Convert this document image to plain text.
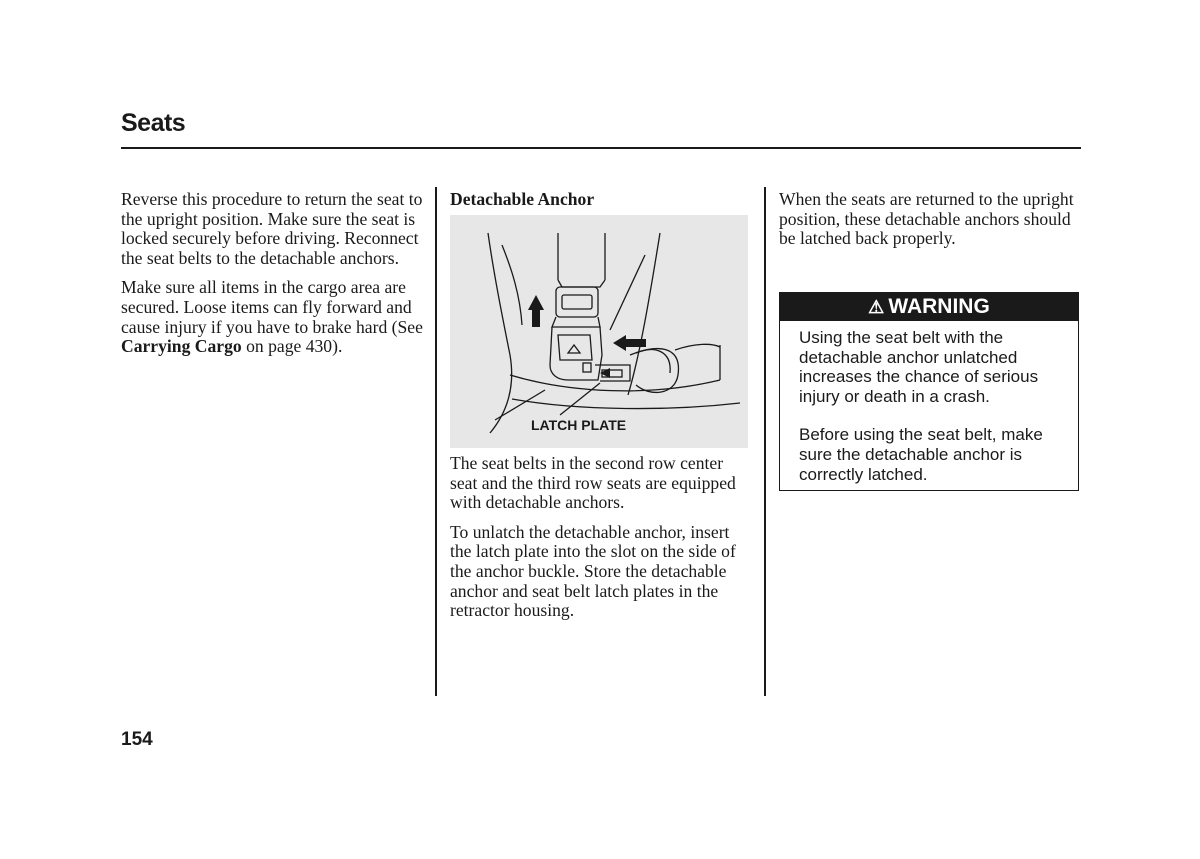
Seats

Reverse this procedure to return the seat to the upright position. Make sure the seat is locked securely before driving. Reconnect the seat belts to the detachable anchors.

Make sure all items in the cargo area are secured. Loose items can fly forward and cause injury if you have to brake hard (See Carrying Cargo on page 430).

Detachable Anchor
LATCH PLATE

The seat belts in the second row center seat and the third row seats are equipped with detachable anchors.

To unlatch the detachable anchor, insert the latch plate into the slot on the side of the anchor buckle. Store the detachable anchor and seat belt latch plates in the retractor housing.

When the seats are returned to the upright position, these detachable anchors should be latched back properly.

⚠ WARNING

Using the seat belt with the detachable anchor unlatched increases the chance of serious injury or death in a crash.

Before using the seat belt, make sure the detachable anchor is correctly latched.

154
